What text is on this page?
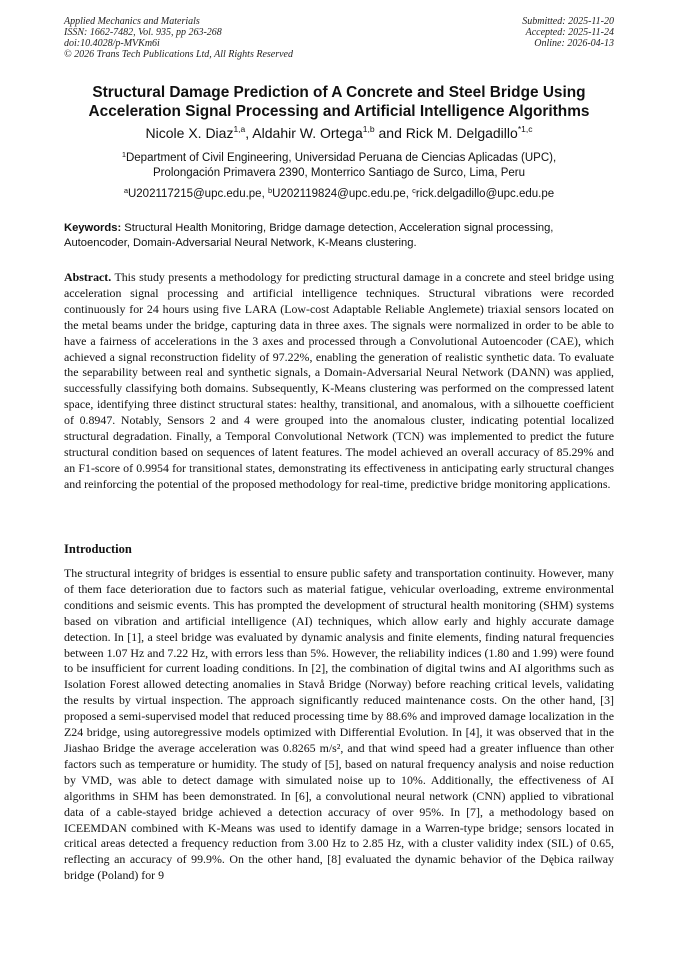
Applied Mechanics and Materials
ISSN: 1662-7482, Vol. 935, pp 263-268
doi:10.4028/p-MVKm6i
© 2026 Trans Tech Publications Ltd, All Rights Reserved
Submitted: 2025-11-20
Accepted: 2025-11-24
Online: 2026-04-13
Structural Damage Prediction of A Concrete and Steel Bridge Using
Acceleration Signal Processing and Artificial Intelligence Algorithms
Nicole X. Diaz$^{1,a}$, Aldahir W. Ortega$^{1,b}$ and Rick M. Delgadillo$^{*1,c}$
$^1$Department of Civil Engineering, Universidad Peruana de Ciencias Aplicadas (UPC),
Prolongación Primavera 2390, Monterrico Santiago de Surco, Lima, Peru
$^a$U202117215@upc.edu.pe, $^b$U202119824@upc.edu.pe, $^c$rick.delgadillo@upc.edu.pe
Keywords: Structural Health Monitoring, Bridge damage detection, Acceleration signal processing, Autoencoder, Domain-Adversarial Neural Network, K-Means clustering.
Abstract. This study presents a methodology for predicting structural damage in a concrete and steel bridge using acceleration signal processing and artificial intelligence techniques. Structural vibrations were recorded continuously for 24 hours using five LARA (Low-cost Adaptable Reliable Anglemete) triaxial sensors located on the metal beams under the bridge, capturing data in three axes. The signals were normalized in order to be able to have a fairness of accelerations in the 3 axes and processed through a Convolutional Autoencoder (CAE), which achieved a signal reconstruction fidelity of 97.22%, enabling the generation of realistic synthetic data. To evaluate the separability between real and synthetic signals, a Domain-Adversarial Neural Network (DANN) was applied, successfully classifying both domains. Subsequently, K-Means clustering was performed on the compressed latent space, identifying three distinct structural states: healthy, transitional, and anomalous, with a silhouette coefficient of 0.8947. Notably, Sensors 2 and 4 were grouped into the anomalous cluster, indicating potential localized structural degradation. Finally, a Temporal Convolutional Network (TCN) was implemented to predict the future structural condition based on sequences of latent features. The model achieved an overall accuracy of 85.29% and an F1-score of 0.9954 for transitional states, demonstrating its effectiveness in anticipating early structural changes and reinforcing the potential of the proposed methodology for real-time, predictive bridge monitoring applications.
Introduction
The structural integrity of bridges is essential to ensure public safety and transportation continuity. However, many of them face deterioration due to factors such as material fatigue, vehicular overloading, extreme environmental conditions and seismic events. This has prompted the development of structural health monitoring (SHM) systems based on vibration and artificial intelligence (AI) techniques, which allow early and highly accurate damage detection. In [1], a steel bridge was evaluated by dynamic analysis and finite elements, finding natural frequencies between 1.07 Hz and 7.22 Hz, with errors less than 5%. However, the reliability indices (1.80 and 1.99) were found to be insufficient for current loading conditions. In [2], the combination of digital twins and AI algorithms such as Isolation Forest allowed detecting anomalies in Stavå Bridge (Norway) before reaching critical levels, validating the results by virtual inspection. The approach significantly reduced maintenance costs. On the other hand, [3] proposed a semi-supervised model that reduced processing time by 88.6% and improved damage localization in the Z24 bridge, using autoregressive models optimized with Differential Evolution. In [4], it was observed that in the Jiashao Bridge the average acceleration was 0.8265 m/s², and that wind speed had a greater influence than other factors such as temperature or humidity. The study of [5], based on natural frequency analysis and noise reduction by VMD, was able to detect damage with simulated noise up to 10%. Additionally, the effectiveness of AI algorithms in SHM has been demonstrated. In [6], a convolutional neural network (CNN) applied to vibrational data of a cable-stayed bridge achieved a detection accuracy of over 95%. In [7], a methodology based on ICEEMDAN combined with K-Means was used to identify damage in a Warren-type bridge; sensors located in critical areas detected a frequency reduction from 3.00 Hz to 2.85 Hz, with a cluster validity index (SIL) of 0.65, reflecting an accuracy of 99.9%. On the other hand, [8] evaluated the dynamic behavior of the Dębica railway bridge (Poland) for 9
